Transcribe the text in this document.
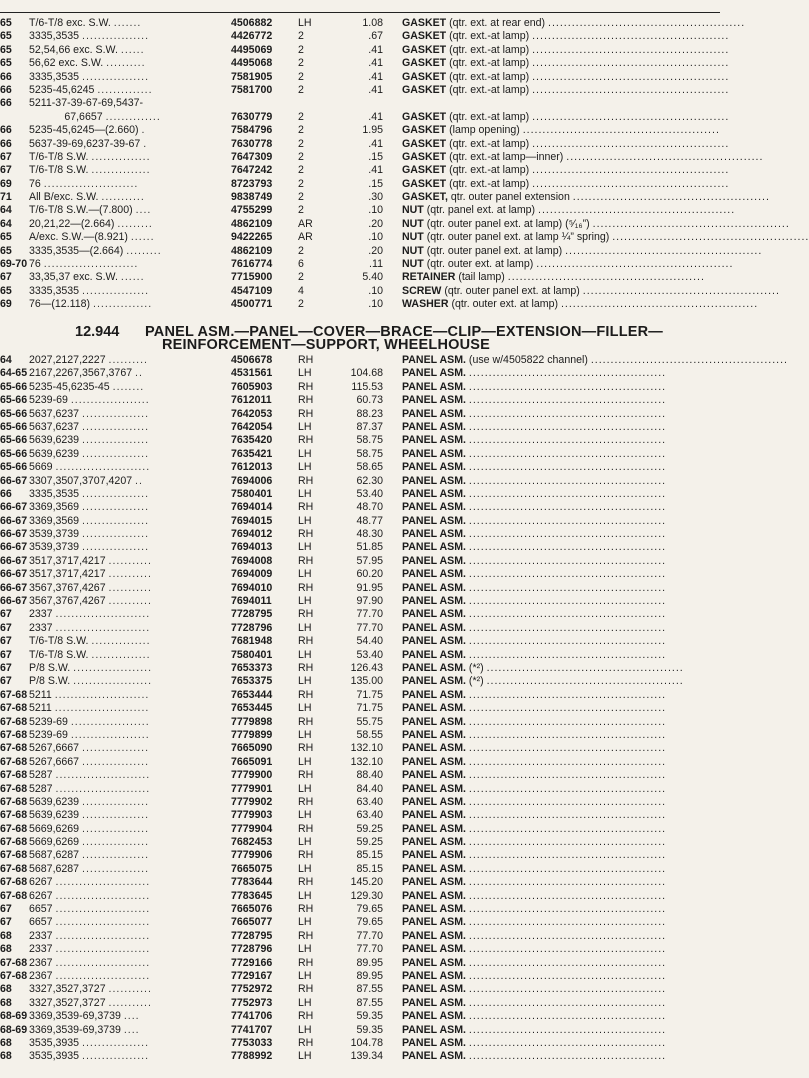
65 T/6-T/8 exc. S.W. .......	4506882 LH	1.08 GASKET (qtr. ext. at rear end) ..................................................
65 3335,3535 .................	4426772 2	.67 GASKET (qtr. ext.-at lamp) ..................................................
65 52,54,66 exc. S.W. ......	4495069 2	.41 GASKET (qtr. ext.-at lamp) ..................................................
65 56,62 exc. S.W. ..........	4495068 2	.41 GASKET (qtr. ext.-at lamp) ..................................................
66 3335,3535 .................	7581905 2	.41 GASKET (qtr. ext.-at lamp) ..................................................
66 5235-45,6245 ..............	7581700 2	.41 GASKET (qtr. ext.-at lamp) ..................................................
66 5211-37-39-67-69,5437-
67,6657 ..............	7630779 2	.41 GASKET (qtr. ext.-at lamp) ..................................................
66 5235-45,6245—(2.660) .	7584796 2	1.95 GASKET (lamp opening) ..................................................
66 5637-39-69,6237-39-67 .	7630778 2	.41 GASKET (qtr. ext.-at lamp) ..................................................
67 T/6-T/8 S.W. ...............	7647309 2	.15 GASKET (qtr. ext.-at lamp—inner) ..................................................
67 T/6-T/8 S.W. ...............	7647242 2	.41 GASKET (qtr. ext.-at lamp) ..................................................
69 76 ........................	8723793 2	.15 GASKET (qtr. ext.-at lamp) ..................................................
71 All B/exc. S.W. ...........	9838749 2	.30 GASKET, qtr. outer panel extension ..................................................
64 T/6-T/8 S.W.—(7.800) ....	4755299 2	.10 NUT (qtr. panel ext. at lamp) ..................................................
64 20,21,22—(2.664) .........	4862109 AR	.20 NUT (qtr. outer panel ext. at lamp) (⁵⁄₁₆”) ..................................................
65 A/exc. S.W.—(8.921) ......	9422265 AR	.10 NUT (qtr. outer panel ext. at lamp ¼” spring) ..................................................
65 3335,3535—(2.664) .........	4862109 2	.20 NUT (qtr. outer panel ext. at lamp) ..................................................
69-70 76 ........................	7616774 6	.11 NUT (qtr. outer ext. at lamp) ..................................................
67 33,35,37 exc. S.W. ......	7715900 2	5.40 RETAINER (tail lamp) ..................................................
65 3335,3535 .................	4547109 4	.10 SCREW (qtr. outer panel ext. at lamp) ..................................................
69 76—(12.118) ...............	4500771 2	.10 WASHER (qtr. outer ext. at lamp) ..................................................
12.944 PANEL ASM.—PANEL—COVER—BRACE—CLIP—EXTENSION—FILLER—
REINFORCEMENT—SUPPORT, WHEELHOUSE
64 2027,2127,2227 ..........	4506678 RH	PANEL ASM. (use w/4505822 channel) ..................................................
64-65 2167,2267,3567,3767 ..	4531561 LH	104.68 PANEL ASM. ..................................................
65-66 5235-45,6235-45 ........	7605903 RH	115.53 PANEL ASM. ..................................................
65-66 5239-69 ....................	7612011 RH	60.73 PANEL ASM. ..................................................
65-66 5637,6237 .................	7642053 RH	88.23 PANEL ASM. ..................................................
65-66 5637,6237 .................	7642054 LH	87.37 PANEL ASM. ..................................................
65-66 5639,6239 .................	7635420 RH	58.75 PANEL ASM. ..................................................
65-66 5639,6239 .................	7635421 LH	58.75 PANEL ASM. ..................................................
65-66 5669 ........................	7612013 LH	58.65 PANEL ASM. ..................................................
66-67 3307,3507,3707,4207 ..	7694006 RH	62.30 PANEL ASM. ..................................................
66 3335,3535 .................	7580401 LH	53.40 PANEL ASM. ..................................................
66-67 3369,3569 .................	7694014 RH	48.70 PANEL ASM. ..................................................
66-67 3369,3569 .................	7694015 LH	48.77 PANEL ASM. ..................................................
66-67 3539,3739 .................	7694012 RH	48.30 PANEL ASM. ..................................................
66-67 3539,3739 .................	7694013 LH	51.85 PANEL ASM. ..................................................
66-67 3517,3717,4217 ...........	7694008 RH	57.95 PANEL ASM. ..................................................
66-67 3517,3717,4217 ...........	7694009 LH	60.20 PANEL ASM. ..................................................
66-67 3567,3767,4267 ...........	7694010 RH	91.95 PANEL ASM. ..................................................
66-67 3567,3767,4267 ...........	7694011 LH	97.90 PANEL ASM. ..................................................
67 2337 ........................	7728795 RH	77.70 PANEL ASM. ..................................................
67 2337 ........................	7728796 LH	77.70 PANEL ASM. ..................................................
67 T/6-T/8 S.W. ...............	7681948 RH	54.40 PANEL ASM. ..................................................
67 T/6-T/8 S.W. ...............	7580401 LH	53.40 PANEL ASM. ..................................................
67 P/8 S.W. ....................	7653373 RH	126.43 PANEL ASM. (*²) ..................................................
67 P/8 S.W. ....................	7653375 LH	135.00 PANEL ASM. (*²) ..................................................
67-68 5211 ........................	7653444 RH	71.75 PANEL ASM. ..................................................
67-68 5211 ........................	7653445 LH	71.75 PANEL ASM. ..................................................
67-68 5239-69 ....................	7779898 RH	55.75 PANEL ASM. ..................................................
67-68 5239-69 ....................	7779899 LH	58.55 PANEL ASM. ..................................................
67-68 5267,6667 .................	7665090 RH	132.10 PANEL ASM. ..................................................
67-68 5267,6667 .................	7665091 LH	132.10 PANEL ASM. ..................................................
67-68 5287 ........................	7779900 RH	88.40 PANEL ASM. ..................................................
67-68 5287 ........................	7779901 LH	84.40 PANEL ASM. ..................................................
67-68 5639,6239 .................	7779902 RH	63.40 PANEL ASM. ..................................................
67-68 5639,6239 .................	7779903 LH	63.40 PANEL ASM. ..................................................
67-68 5669,6269 .................	7779904 RH	59.25 PANEL ASM. ..................................................
67-68 5669,6269 .................	7682453 LH	59.25 PANEL ASM. ..................................................
67-68 5687,6287 .................	7779906 RH	85.15 PANEL ASM. ..................................................
67-68 5687,6287 .................	7665075 LH	85.15 PANEL ASM. ..................................................
67-68 6267 ........................	7783644 RH	145.20 PANEL ASM. ..................................................
67-68 6267 ........................	7783645 LH	129.30 PANEL ASM. ..................................................
67 6657 ........................	7665076 RH	79.65 PANEL ASM. ..................................................
67 6657 ........................	7665077 LH	79.65 PANEL ASM. ..................................................
68 2337 ........................	7728795 RH	77.70 PANEL ASM. ..................................................
68 2337 ........................	7728796 LH	77.70 PANEL ASM. ..................................................
67-68 2367 ........................	7729166 RH	89.95 PANEL ASM. ..................................................
67-68 2367 ........................	7729167 LH	89.95 PANEL ASM. ..................................................
68 3327,3527,3727 ...........	7752972 RH	87.55 PANEL ASM. ..................................................
68 3327,3527,3727 ...........	7752973 LH	87.55 PANEL ASM. ..................................................
68-69 3369,3539-69,3739 ....	7741706 RH	59.35 PANEL ASM. ..................................................
68-69 3369,3539-69,3739 ....	7741707 LH	59.35 PANEL ASM. ..................................................
68 3535,3935 .................	7753033 RH	104.78 PANEL ASM. ..................................................
68 3535,3935 .................	7788992 LH	139.34 PANEL ASM. ..................................................
